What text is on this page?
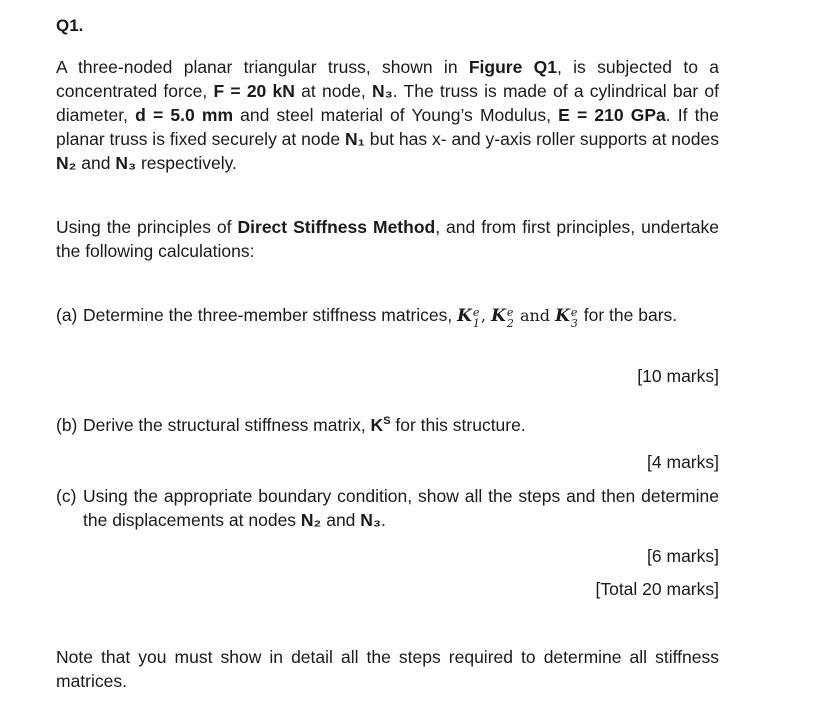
Q1.
A three-noded planar triangular truss, shown in Figure Q1, is subjected to a concentrated force, F = 20 kN at node, N₃. The truss is made of a cylindrical bar of diameter, d = 5.0 mm and steel material of Young’s Modulus, E = 210 GPa. If the planar truss is fixed securely at node N₁ but has x- and y-axis roller supports at nodes N₂ and N₃ respectively.
Using the principles of Direct Stiffness Method, and from first principles, undertake the following calculations:
(a) Determine the three-member stiffness matrices, K e
1 , K e
2 and K e
3 for the bars.
[10 marks]
(b) Derive the structural stiffness matrix, $K^S$ for this structure.
[4 marks]
(c) Using the appropriate boundary condition, show all the steps and then determine the displacements at nodes N₂ and N₃.
[6 marks]
[Total 20 marks]
Note that you must show in detail all the steps required to determine all stiffness matrices.
